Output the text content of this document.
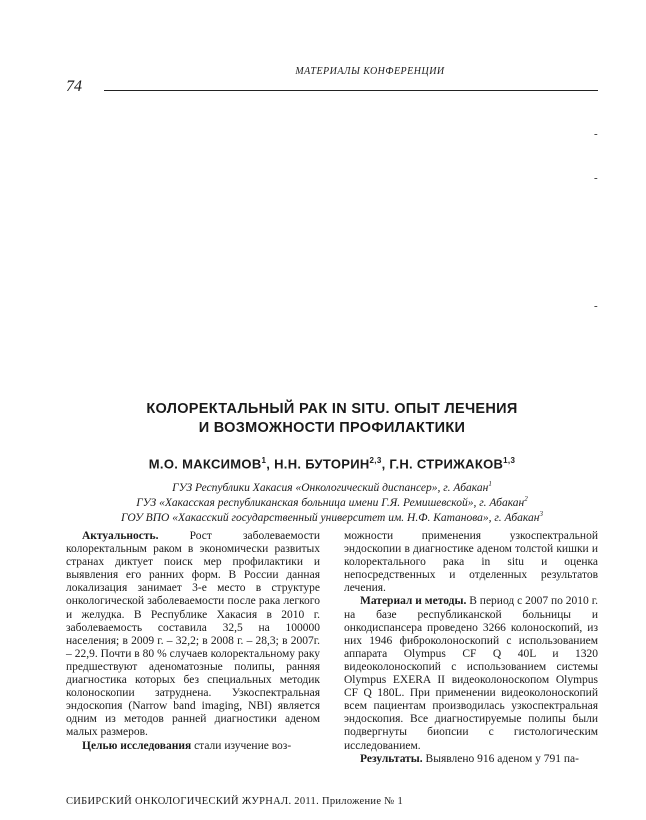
МАТЕРИАЛЫ КОНФЕРЕНЦИИ
74
-
-
-
КОЛОРЕКТАЛЬНЫЙ РАК IN SITU. ОПЫТ ЛЕЧЕНИЯ
И ВОЗМОЖНОСТИ ПРОФИЛАКТИКИ
М.О. МАКСИМОВ$^1$, Н.Н. БУТОРИН$^{2,3}$, Г.Н. СТРИЖАКОВ$^{1,3}$
ГУЗ Республики Хакасия «Онкологический диспансер», г. Абакан$^1$
ГУЗ «Хакасская республиканская больница имени Г.Я. Ремишевской», г. Абакан$^2$
ГОУ ВПО «Хакасский государственный университет им. Н.Ф. Катанова», г. Абакан$^3$

Актуальность. Рост заболеваемости колоректальным раком в экономически развитых странах диктует поиск мер профилактики и выявления его ранних форм. В России данная локализация занимает 3-е место в структуре онкологической заболеваемости после рака легкого и желудка. В Республике Хакасия в 2010 г. заболеваемость составила 32,5 на 100000 населения; в 2009 г. – 32,2; в 2008 г. – 28,3; в 2007г. – 22,9. Почти в 80 % случаев колоректальному раку предшествуют аденоматозные полипы, ранняя диагностика которых без специальных методик колоноскопии затруднена. Узкоспектральная эндоскопия (Narrow band imaging, NBI) является одним из методов ранней диагностики аденом малых размеров.

Целью исследования стали изучение воз-

можности применения узкоспектральной эндоскопии в диагностике аденом толстой кишки и колоректального рака in situ и оценка непосредственных и отделенных результатов лечения.

Материал и методы. В период с 2007 по 2010 г. на базе республиканской больницы и онкодиспансера проведено 3266 колоноскопий, из них 1946 фиброколоноскопий с использованием аппарата Olympus CF Q 40L и 1320 видеоколоноскопий с использованием системы Olympus EXERA II видеоколоноскопом Olympus CF Q 180L. При применении видеоколоноскопий всем пациентам производилась узкоспектральная эндоскопия. Все диагностируемые полипы были подвергнуты биопсии с гистологическим исследованием.

Результаты. Выявлено 916 аденом у 791 па-

СИБИРСКИЙ ОНКОЛОГИЧЕСКИЙ ЖУРНАЛ. 2011. Приложение № 1
